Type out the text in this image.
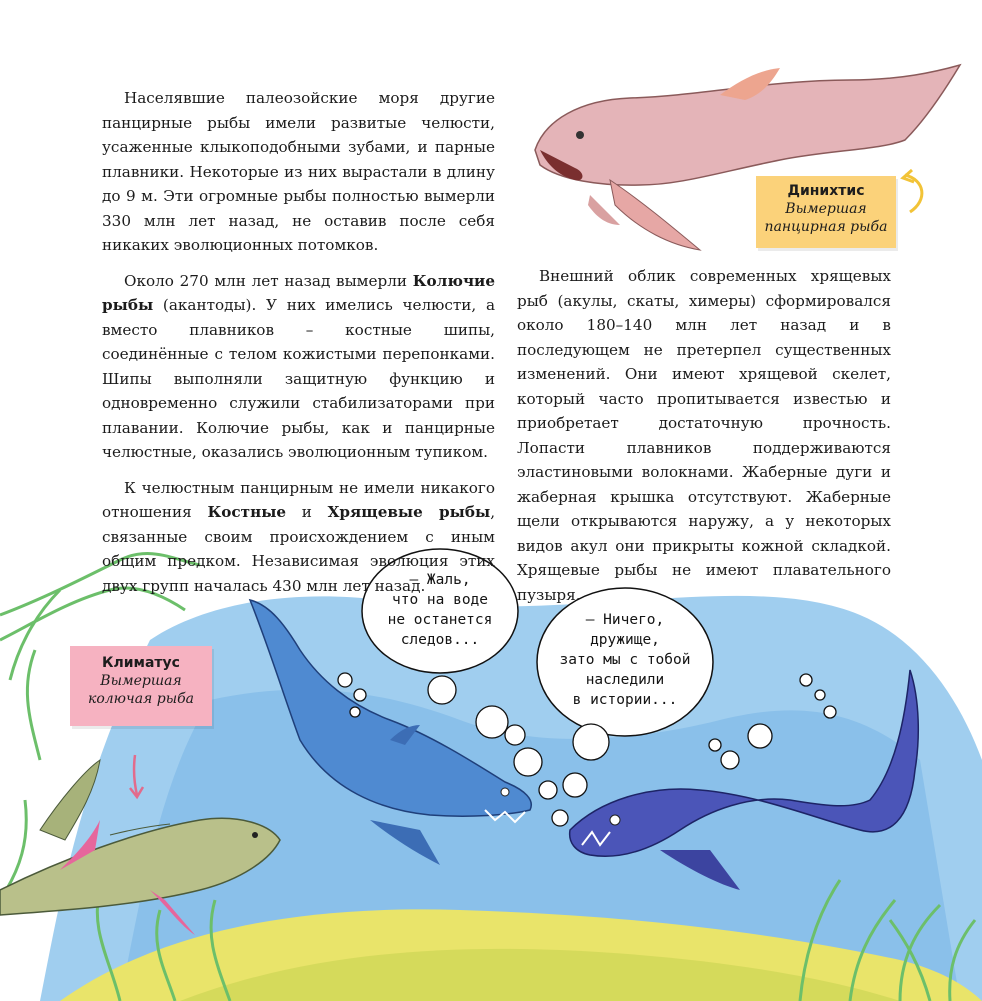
Населявшие палеозойские моря другие панцирные рыбы имели развитые челюсти, усаженные клыкоподобными зубами, и парные плавники. Некоторые из них вырастали в длину до 9 м. Эти огромные рыбы полностью вымерли 330 млн лет назад, не оставив после себя никаких эволюционных потомков.

Около 270 млн лет назад вымерли Колючие рыбы (акантоды). У них имелись челюсти, а вместо плавников – костные шипы, соединённые с телом кожистыми перепонками. Шипы выполняли защитную функцию и одновременно служили стабилизаторами при плавании. Колючие рыбы, как и панцирные челюстные, оказались эволюционным тупиком.

К челюстным панцирным не имели никакого отношения Костные и Хрящевые рыбы, связанные своим происхождением с иным общим предком. Независимая эволюция этих двух групп началась 430 млн лет назад.

Внешний облик современных хрящевых рыб (акулы, скаты, химеры) сформировался около 180–140 млн лет назад и в последующем не претерпел существенных изменений. Они имеют хрящевой скелет, который часто пропитывается известью и приобретает достаточную прочность. Лопасти плавников поддерживаются эластиновыми волокнами. Жаберные дуги и жаберная крышка отсутствуют. Жаберные щели открываются наружу, а у некоторых видов акул они прикрыты кожной складкой. Хрящевые рыбы не имеют плавательного пузыря.

Динихтис
Вымершая
панцирная рыба
Климатус
Вымершая
колючая рыба
– Жаль,
что на воде
не останется
следов...
– Ничего,
дружище,
зато мы с тобой
наследили
в истории...
